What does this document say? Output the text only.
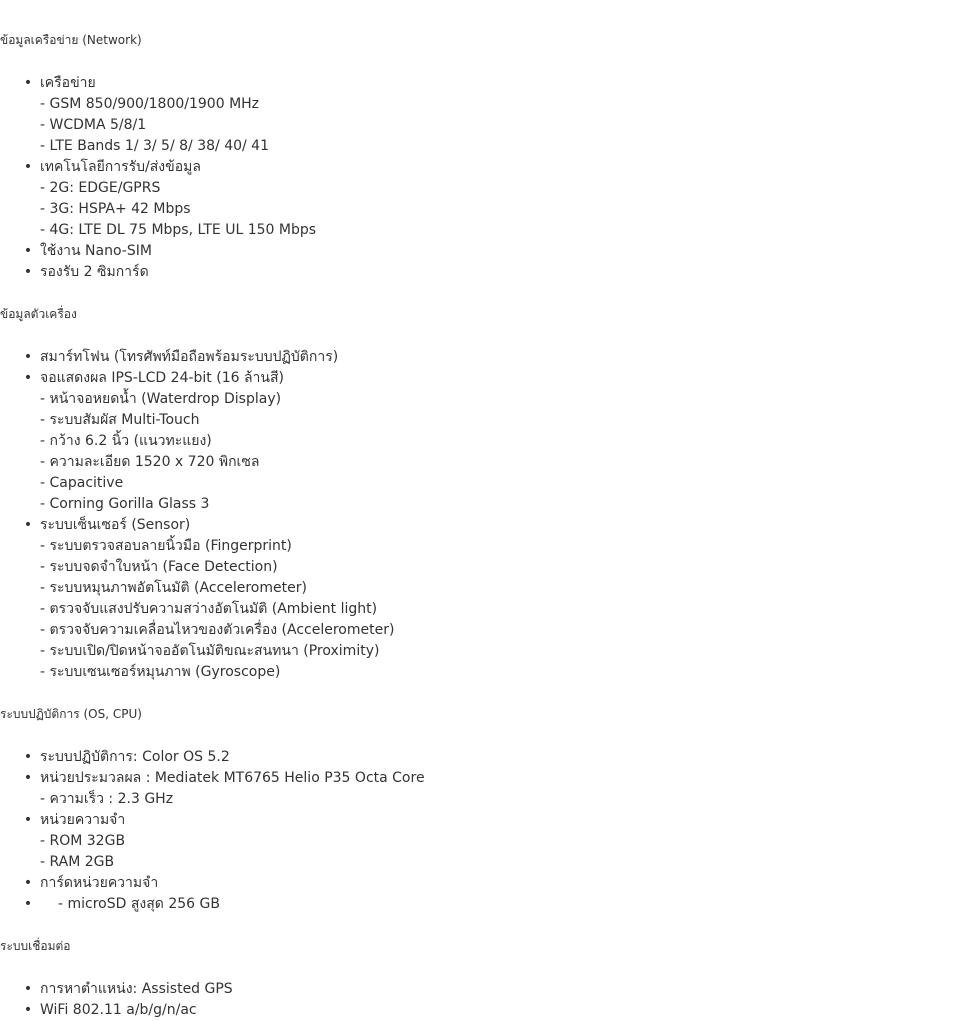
ข้อมูลเครือข่าย (Network)
• เครือข่าย
- GSM 850/900/1800/1900 MHz
- WCDMA 5/8/1
- LTE Bands 1/ 3/ 5/ 8/ 38/ 40/ 41
• เทคโนโลยีการรับ/ส่งข้อมูล
- 2G: EDGE/GPRS
- 3G: HSPA+ 42 Mbps
- 4G: LTE DL 75 Mbps, LTE UL 150 Mbps
• ใช้งาน Nano-SIM
• รองรับ 2 ซิมการ์ด
ข้อมูลตัวเครื่อง
• สมาร์ทโฟน (โทรศัพท์มือถือพร้อมระบบปฏิบัติการ)
• จอแสดงผล IPS-LCD 24-bit (16 ล้านสี)
- หน้าจอหยดน้ำ (Waterdrop Display)
- ระบบสัมผัส Multi-Touch
- กว้าง 6.2 นิ้ว (แนวทะแยง)
- ความละเอียด 1520 x 720 พิกเซล
- Capacitive
- Corning Gorilla Glass 3
• ระบบเซ็นเซอร์ (Sensor)
- ระบบตรวจสอบลายนิ้วมือ (Fingerprint)
- ระบบจดจำใบหน้า (Face Detection)
- ระบบหมุนภาพอัตโนมัติ (Accelerometer)
- ตรวจจับแสงปรับความสว่างอัตโนมัติ (Ambient light)
- ตรวจจับความเคลื่อนไหวของตัวเครื่อง (Accelerometer)
- ระบบเปิด/ปิดหน้าจออัตโนมัติขณะสนทนา (Proximity)
- ระบบเซนเซอร์หมุนภาพ (Gyroscope)
ระบบปฏิบัติการ (OS, CPU)
• ระบบปฏิบัติการ: Color OS 5.2
• หน่วยประมวลผล : Mediatek MT6765 Helio P35 Octa Core
- ความเร็ว : 2.3 GHz
• หน่วยความจำ
- ROM 32GB
- RAM 2GB
• การ์ดหน่วยความจำ
•	- microSD สูงสุด 256 GB
ระบบเชื่อมต่อ
• การหาตำแหน่ง: Assisted GPS
• WiFi 802.11 a/b/g/n/ac
